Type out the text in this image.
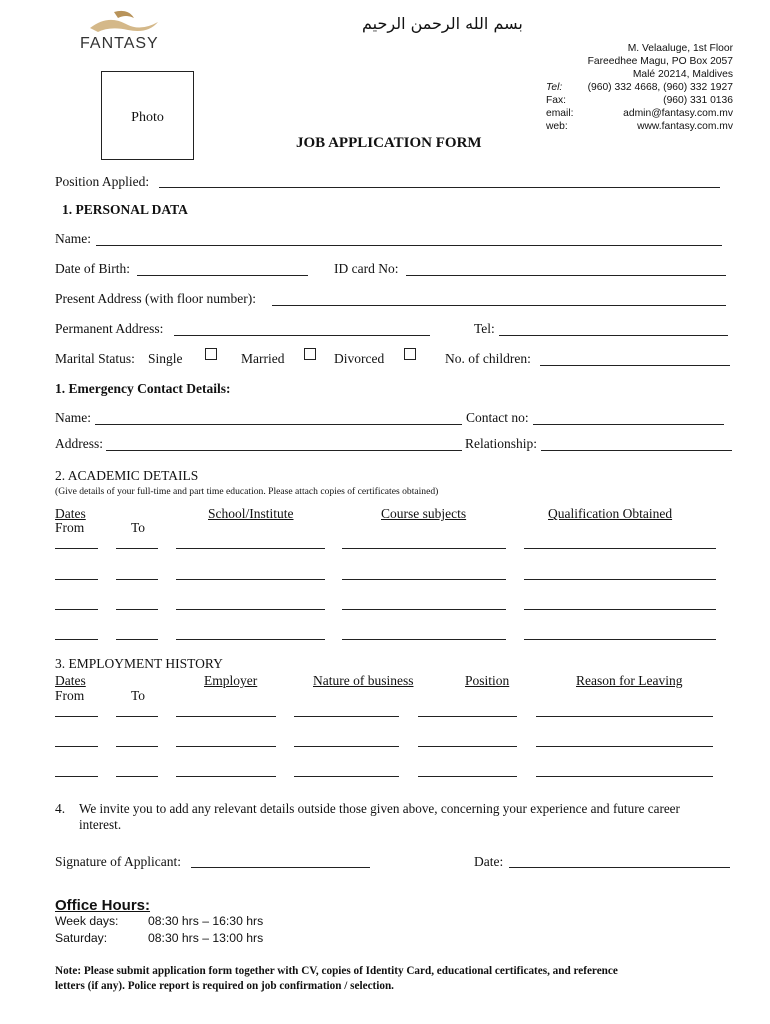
FANTASY
بسم الله الرحمن الرحيم
M. Velaaluge, 1st Floor
Fareedhee Magu, PO Box 2057
Malé 20214, Maldives
Tel: (960) 332 4668, (960) 332 1927
Fax:	(960) 331 0136
email:	admin@fantasy.com.mv
web:	www.fantasy.com.mv
Photo
JOB APPLICATION FORM
Position Applied:
1. PERSONAL DATA
Name:
Date of Birth:	ID card No:
Present Address (with floor number):
Permanent Address:	Tel:
Marital Status: Single	Married	Divorced	No. of children:
1. Emergency Contact Details:
Name:	Contact no:
Address:	Relationship:
2. ACADEMIC DETAILS
(Give details of your full-time and part time education. Please attach copies of certificates obtained)
Dates	School/Institute	Course subjects	Qualification Obtained
From	To
3. EMPLOYMENT HISTORY
Dates	Employer	Nature of business	Position	Reason for Leaving
From	To
4. We invite you to add any relevant details outside those given above, concerning your experience and future career
interest.
Signature of Applicant:	Date:
Office Hours:
Week days: 08:30 hrs – 16:30 hrs
Saturday:	08:30 hrs – 13:00 hrs
Note: Please submit application form together with CV, copies of Identity Card, educational certificates, and reference
letters (if any). Police report is required on job confirmation / selection.
